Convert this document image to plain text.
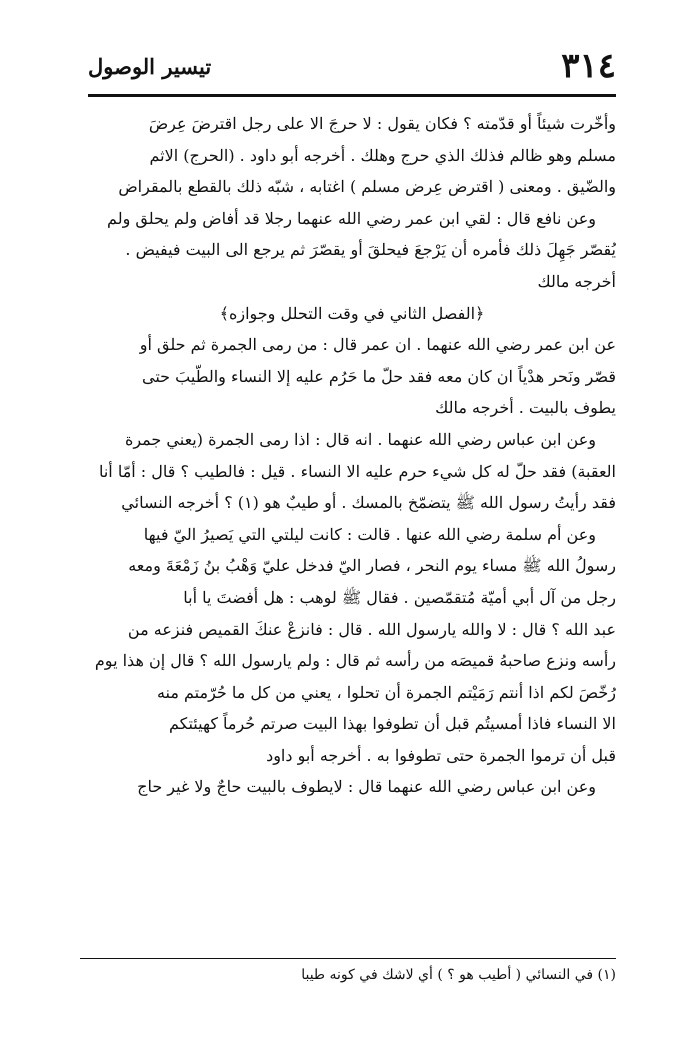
تيسير الوصول	٣١٤
وأخّرت شيئاً أو قدّمته ؟ فكان يقول : لا حرجَ الا على رجل اقترضَ عِرضَ
مسلم وهو ظالم فذلك الذي حرج وهلك . أخرجه أبو داود . (الحرج) الاثم
والضّيق . ومعنى ( اقترض عِرض مسلم ) اغتابه ، شبّه ذلك بالقطع بالمقراض
وعن نافع قال : لقي ابن عمر رضي الله عنهما رجلا قد أفاض ولم يحلق ولم
يُقصّر جَهِلَ ذلك فأمره أن يَرْجعَ فيحلقَ أو يقصّرَ ثم يرجع الى البيت فيفيض .
أخرجه مالك
﴿الفصل الثاني في وقت التحلل وجوازه﴾
عن ابن عمر رضي الله عنهما . ان عمر قال : من رمى الجمرة ثم حلق أو
قصّر ونَحر هدْياً ان كان معه فقد حلّ ما حَرُم عليه إلا النساء والطّيبَ حتى
يطوف بالبيت . أخرجه مالك
وعن ابن عباس رضي الله عنهما . انه قال : اذا رمى الجمرة (يعني جمرة
العقبة) فقد حلّ له كل شيء حرم عليه الا النساء . قيل : فالطيب ؟ قال : أمّا أنا
فقد رأيتُ رسول الله ﷺ يتضمّخ بالمسك . أو طيبٌ هو (١) ؟ أخرجه النسائي
وعن أم سلمة رضي الله عنها . قالت : كانت ليلتي التي يَصيرُ اليّ فيها
رسولُ الله ﷺ مساء يوم النحر ، فصار اليّ فدخل عليّ وَهْبُ بنُ زَمْعَةَ ومعه
رجل من آل أبي أميّة مُتقمّصين . فقال ﷺ لوهب : هل أفضتَ يا أبا
عبد الله ؟ قال : لا والله يارسول الله . قال : فانزعْ عنكَ القميص فنزعه من
رأسه ونزع صاحبهُ قميصَه من رأسه ثم قال : ولم يارسول الله ؟ قال إن هذا يوم
رُخّصَ لكم اذا أنتم رَمَيْتم الجمرة أن تحلوا ، يعني من كل ما حُرّمتم منه
الا النساء فاذا أمسيتُم قبل أن تطوفوا بهذا البيت صرتم حُرماً كهيئتكم
قبل أن ترموا الجمرة حتى تطوفوا به . أخرجه أبو داود
وعن ابن عباس رضي الله عنهما قال : لايطوف بالبيت حاجٌ ولا غير حاج
(١) في النسائي ( أطيب هو ؟ ) أي لاشك في كونه طيبا
